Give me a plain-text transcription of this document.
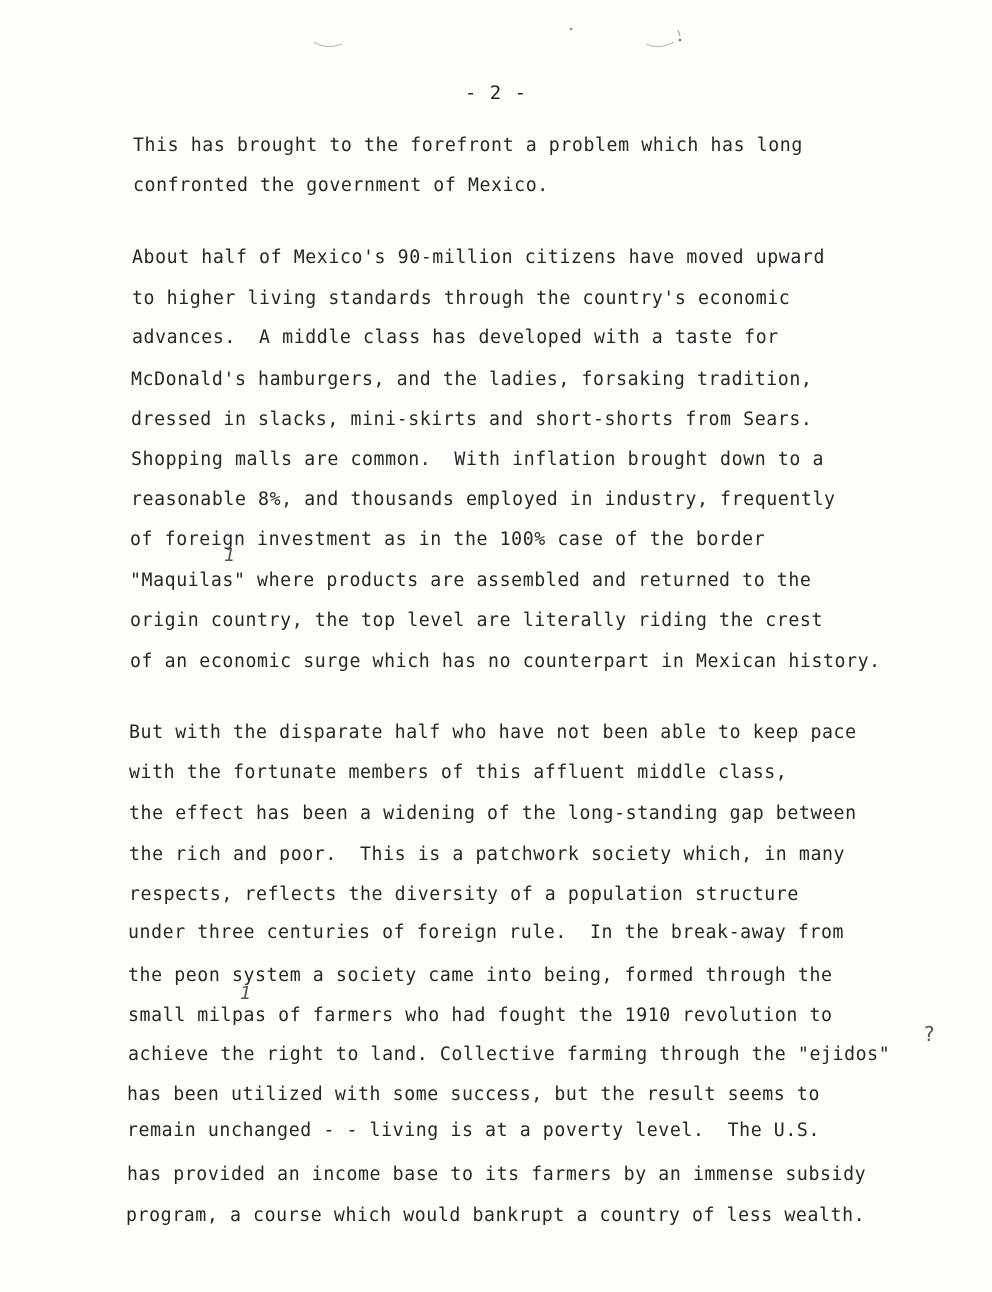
- 2 -
This has brought to the forefront a problem which has long
confronted the government of Mexico.
About half of Mexico's 90-million citizens have moved upward
to higher living standards through the country's economic
advances.  A middle class has developed with a taste for
McDonald's hamburgers, and the ladies, forsaking tradition,
dressed in slacks, mini-skirts and short-shorts from Sears.
Shopping malls are common.  With inflation brought down to a
reasonable 8%, and thousands employed in industry, frequently
of foreign investment as in the 100% case of the border
"Maquilas" where products are assembled and returned to the
origin country, the top level are literally riding the crest
of an economic surge which has no counterpart in Mexican history.
But with the disparate half who have not been able to keep pace
with the fortunate members of this affluent middle class,
the effect has been a widening of the long-standing gap between
the rich and poor.  This is a patchwork society which, in many
respects, reflects the diversity of a population structure
under three centuries of foreign rule.  In the break-away from
the peon system a society came into being, formed through the
small milpas of farmers who had fought the 1910 revolution to
achieve the right to land. Collective farming through the "ejidos"
has been utilized with some success, but the result seems to
remain unchanged - - living is at a poverty level.  The U.S.
has provided an income base to its farmers by an immense subsidy
program, a course which would bankrupt a country of less wealth.
1
1
?
